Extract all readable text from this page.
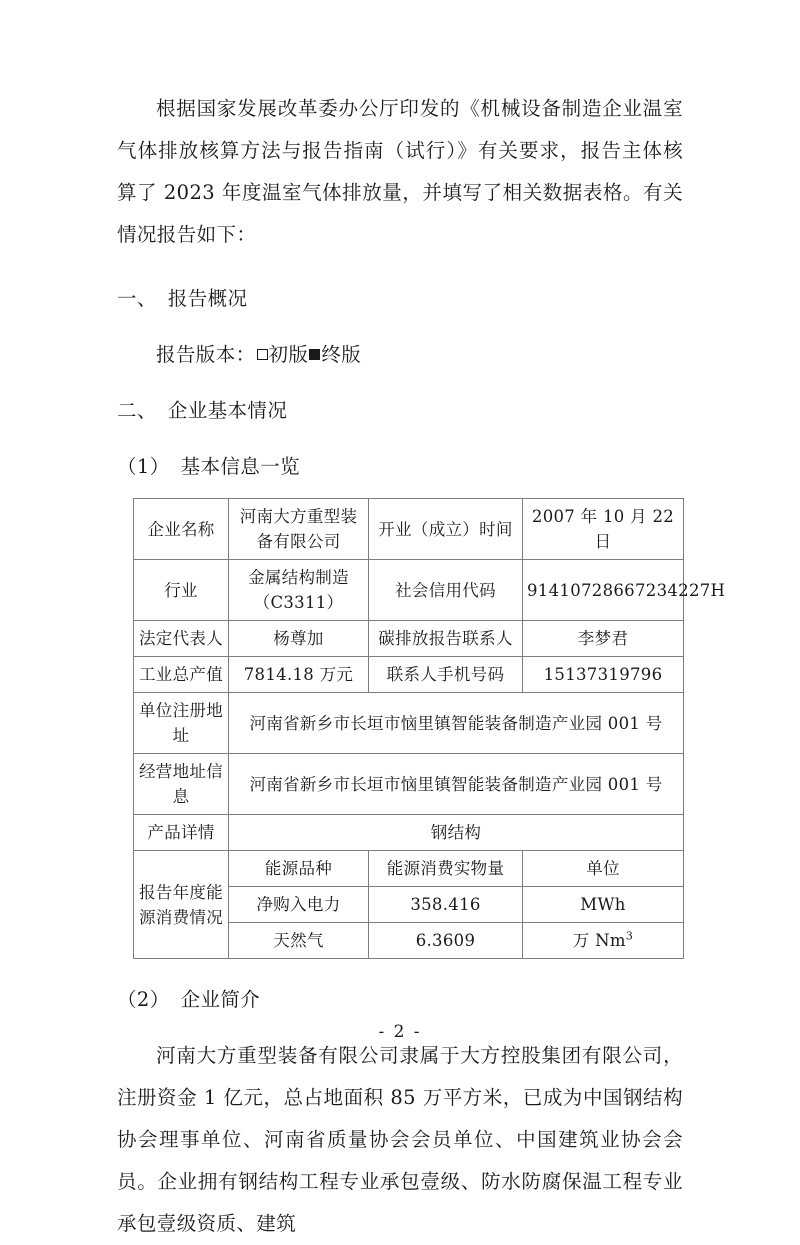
根据国家发展改革委办公厅印发的《机械设备制造企业温室气体排放核算方法与报告指南（试行）》有关要求，报告主体核算了 2023 年度温室气体排放量，并填写了相关数据表格。有关情况报告如下：

一、 报告概况

报告版本： 初版 终版

二、 企业基本情况

（1） 基本信息一览

企业名称	河南大方重型装备有限公司	开业（成立）时间	2007 年 10 月 22 日
行业	金属结构制造（C3311）	社会信用代码	91410728667234227H
法定代表人	杨尊加	碳排放报告联系人	李梦君
工业总产值	7814.18 万元	联系人手机号码	15137319796
单位注册地址	河南省新乡市长垣市恼里镇智能装备制造产业园 001 号		
经营地址信息	河南省新乡市长垣市恼里镇智能装备制造产业园 001 号		
产品详情	钢结构		
报告年度能源消费情况	能源品种	能源消费实物量	单位
	净购入电力	358.416	MWh
	天然气	6.3609	万 Nm$^3$

（2） 企业简介

河南大方重型装备有限公司隶属于大方控股集团有限公司，注册资金 1 亿元，总占地面积 85 万平方米，已成为中国钢结构协会理事单位、河南省质量协会会员单位、中国建筑业协会会员。企业拥有钢结构工程专业承包壹级、防水防腐保温工程专业承包壹级资质、建筑

- 2 -
